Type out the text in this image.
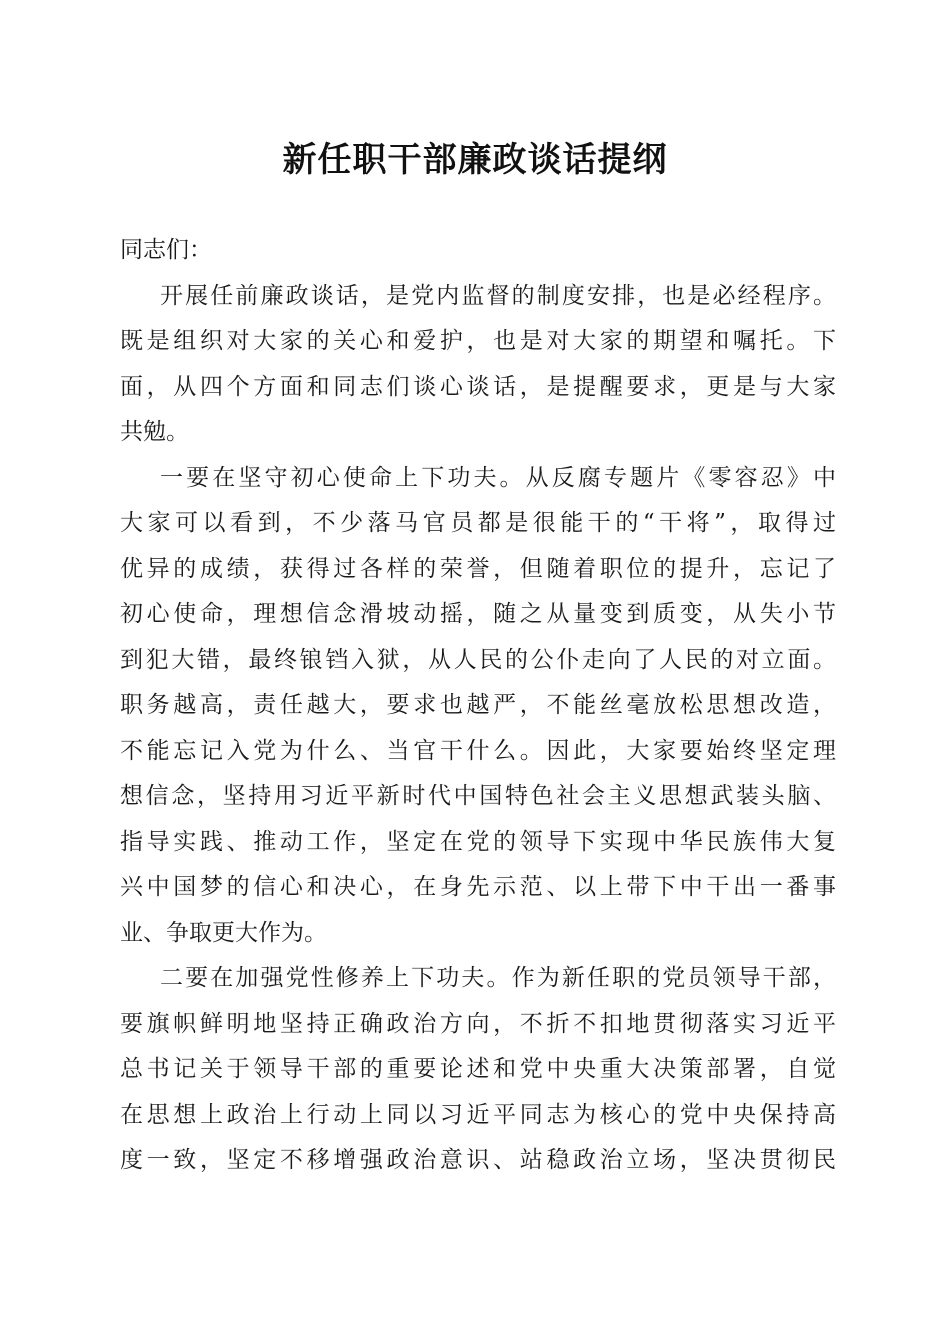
新任职干部廉政谈话提纲
同志们：
开展任前廉政谈话，是党内监督的制度安排，也是必经程序。
既是组织对大家的关心和爱护，也是对大家的期望和嘱托。下
面，从四个方面和同志们谈心谈话，是提醒要求，更是与大家
共勉。
一要在坚守初心使命上下功夫。从反腐专题片《零容忍》中
大家可以看到，不少落马官员都是很能干的“干将”，取得过
优异的成绩，获得过各样的荣誉，但随着职位的提升，忘记了
初心使命，理想信念滑坡动摇，随之从量变到质变，从失小节
到犯大错，最终锒铛入狱，从人民的公仆走向了人民的对立面。
职务越高，责任越大，要求也越严，不能丝毫放松思想改造，
不能忘记入党为什么、当官干什么。因此，大家要始终坚定理
想信念，坚持用习近平新时代中国特色社会主义思想武装头脑、
指导实践、推动工作，坚定在党的领导下实现中华民族伟大复
兴中国梦的信心和决心，在身先示范、以上带下中干出一番事
业、争取更大作为。
二要在加强党性修养上下功夫。作为新任职的党员领导干部，
要旗帜鲜明地坚持正确政治方向，不折不扣地贯彻落实习近平
总书记关于领导干部的重要论述和党中央重大决策部署，自觉
在思想上政治上行动上同以习近平同志为核心的党中央保持高
度一致，坚定不移增强政治意识、站稳政治立场，坚决贯彻民
